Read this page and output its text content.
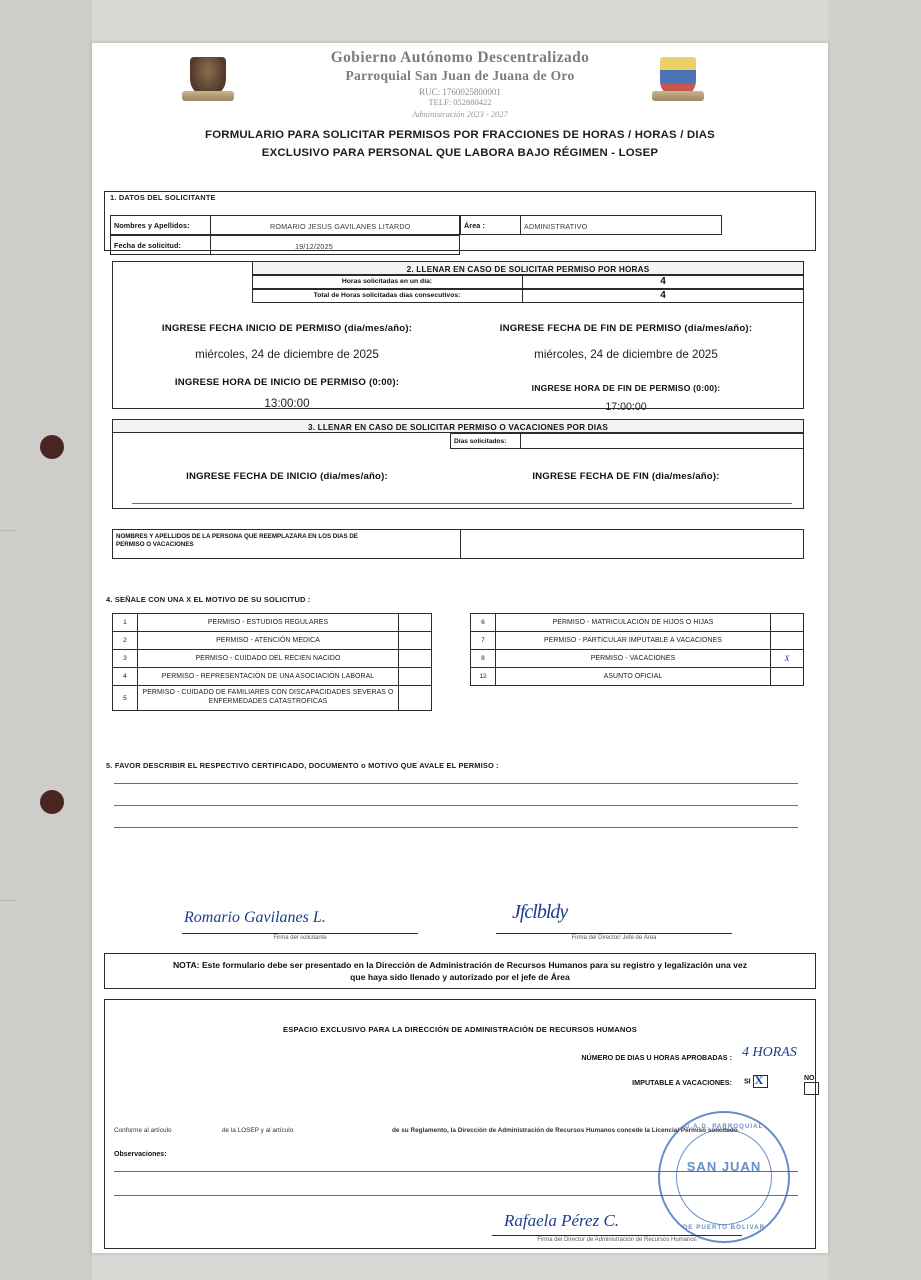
Gobierno Autónomo Descentralizado
Parroquial San Juan de Juana de Oro
RUC: 1760025800001
TELF: 052880422
Administración 2023 - 2027
FORMULARIO PARA SOLICITAR PERMISOS POR FRACCIONES DE HORAS / HORAS / DIAS
EXCLUSIVO PARA PERSONAL QUE LABORA BAJO RÉGIMEN - LOSEP
1. DATOS DEL SOLICITANTE
Nombres y Apellidos:	ROMARIO JESUS GAVILANES LITARDO
Fecha de solicitud:	19/12/2025
Área :	ADMINISTRATIVO
2. LLENAR EN CASO DE SOLICITAR PERMISO POR HORAS
Horas solicitadas en un día:	4
Total de Horas solicitadas días consecutivos:	4
INGRESE FECHA INICIO DE PERMISO (dia/mes/año):
miércoles, 24 de diciembre de 2025
INGRESE FECHA DE FIN DE PERMISO (dia/mes/año):
miércoles, 24 de diciembre de 2025
INGRESE HORA DE INICIO DE PERMISO (0:00):
13:00:00
INGRESE HORA DE FIN DE PERMISO (0:00):
17:00:00
3. LLENAR EN CASO DE SOLICITAR PERMISO O VACACIONES POR DIAS
Días solicitados:
INGRESE FECHA DE INICIO (dia/mes/año):	INGRESE FECHA DE FIN (dia/mes/año):
NOMBRES Y APELLIDOS DE LA PERSONA QUE REEMPLAZARA EN LOS DIAS DE
PERMISO O VACACIONES
4. SEÑALE CON UNA X EL MOTIVO DE SU SOLICITUD :
1	PERMISO - ESTUDIOS REGULARES	
2	PERMISO - ATENCIÓN MEDICA	
3	PERMISO - CUIDADO DEL RECIEN NACIDO	
4	PERMISO - REPRESENTACIÓN DE UNA ASOCIACIÓN LABORAL	
5	PERMISO - CUIDADO DE FAMILIARES CON DISCAPACIDADES SEVERAS O ENFERMEDADES CATASTROFICAS	
6	PERMISO - MATRICULACIÓN DE HIJOS O HIJAS	
7	PERMISO - PARTICULAR IMPUTABLE A VACACIONES	
8	PERMISO - VACACIONES	X
12	ASUNTO OFICIAL	
5. FAVOR DESCRIBIR EL RESPECTIVO CERTIFICADO, DOCUMENTO o MOTIVO QUE AVALE EL PERMISO :
Romario Gavilanes L.
Firma del solicitante
Jfclbldy
Firma del Director/ Jefe de Área
NOTA: Este formulario debe ser presentado en la Dirección de Administración de Recursos Humanos para su registro y legalización una vez
que haya sido llenado y autorizado por el jefe de Área
ESPACIO EXCLUSIVO PARA LA DIRECCIÓN DE ADMINISTRACIÓN DE RECURSOS HUMANOS
NÚMERO DE DIAS U HORAS APROBADAS : 4 HORAS
IMPUTABLE A VACACIONES: SI X	NO
Conforme al artículo	de la LOSEP y al artículo	de su Reglamento, la Dirección de Administración de Recursos Humanos concede la Licencia/ Permiso solicitado
Observaciones:
G.A.D. PARROQUIAL
SAN JUAN
DE PUERTO BOLIVAR
Rafaela Pérez C.
Firma del Director de Administración de Recursos Humanos
